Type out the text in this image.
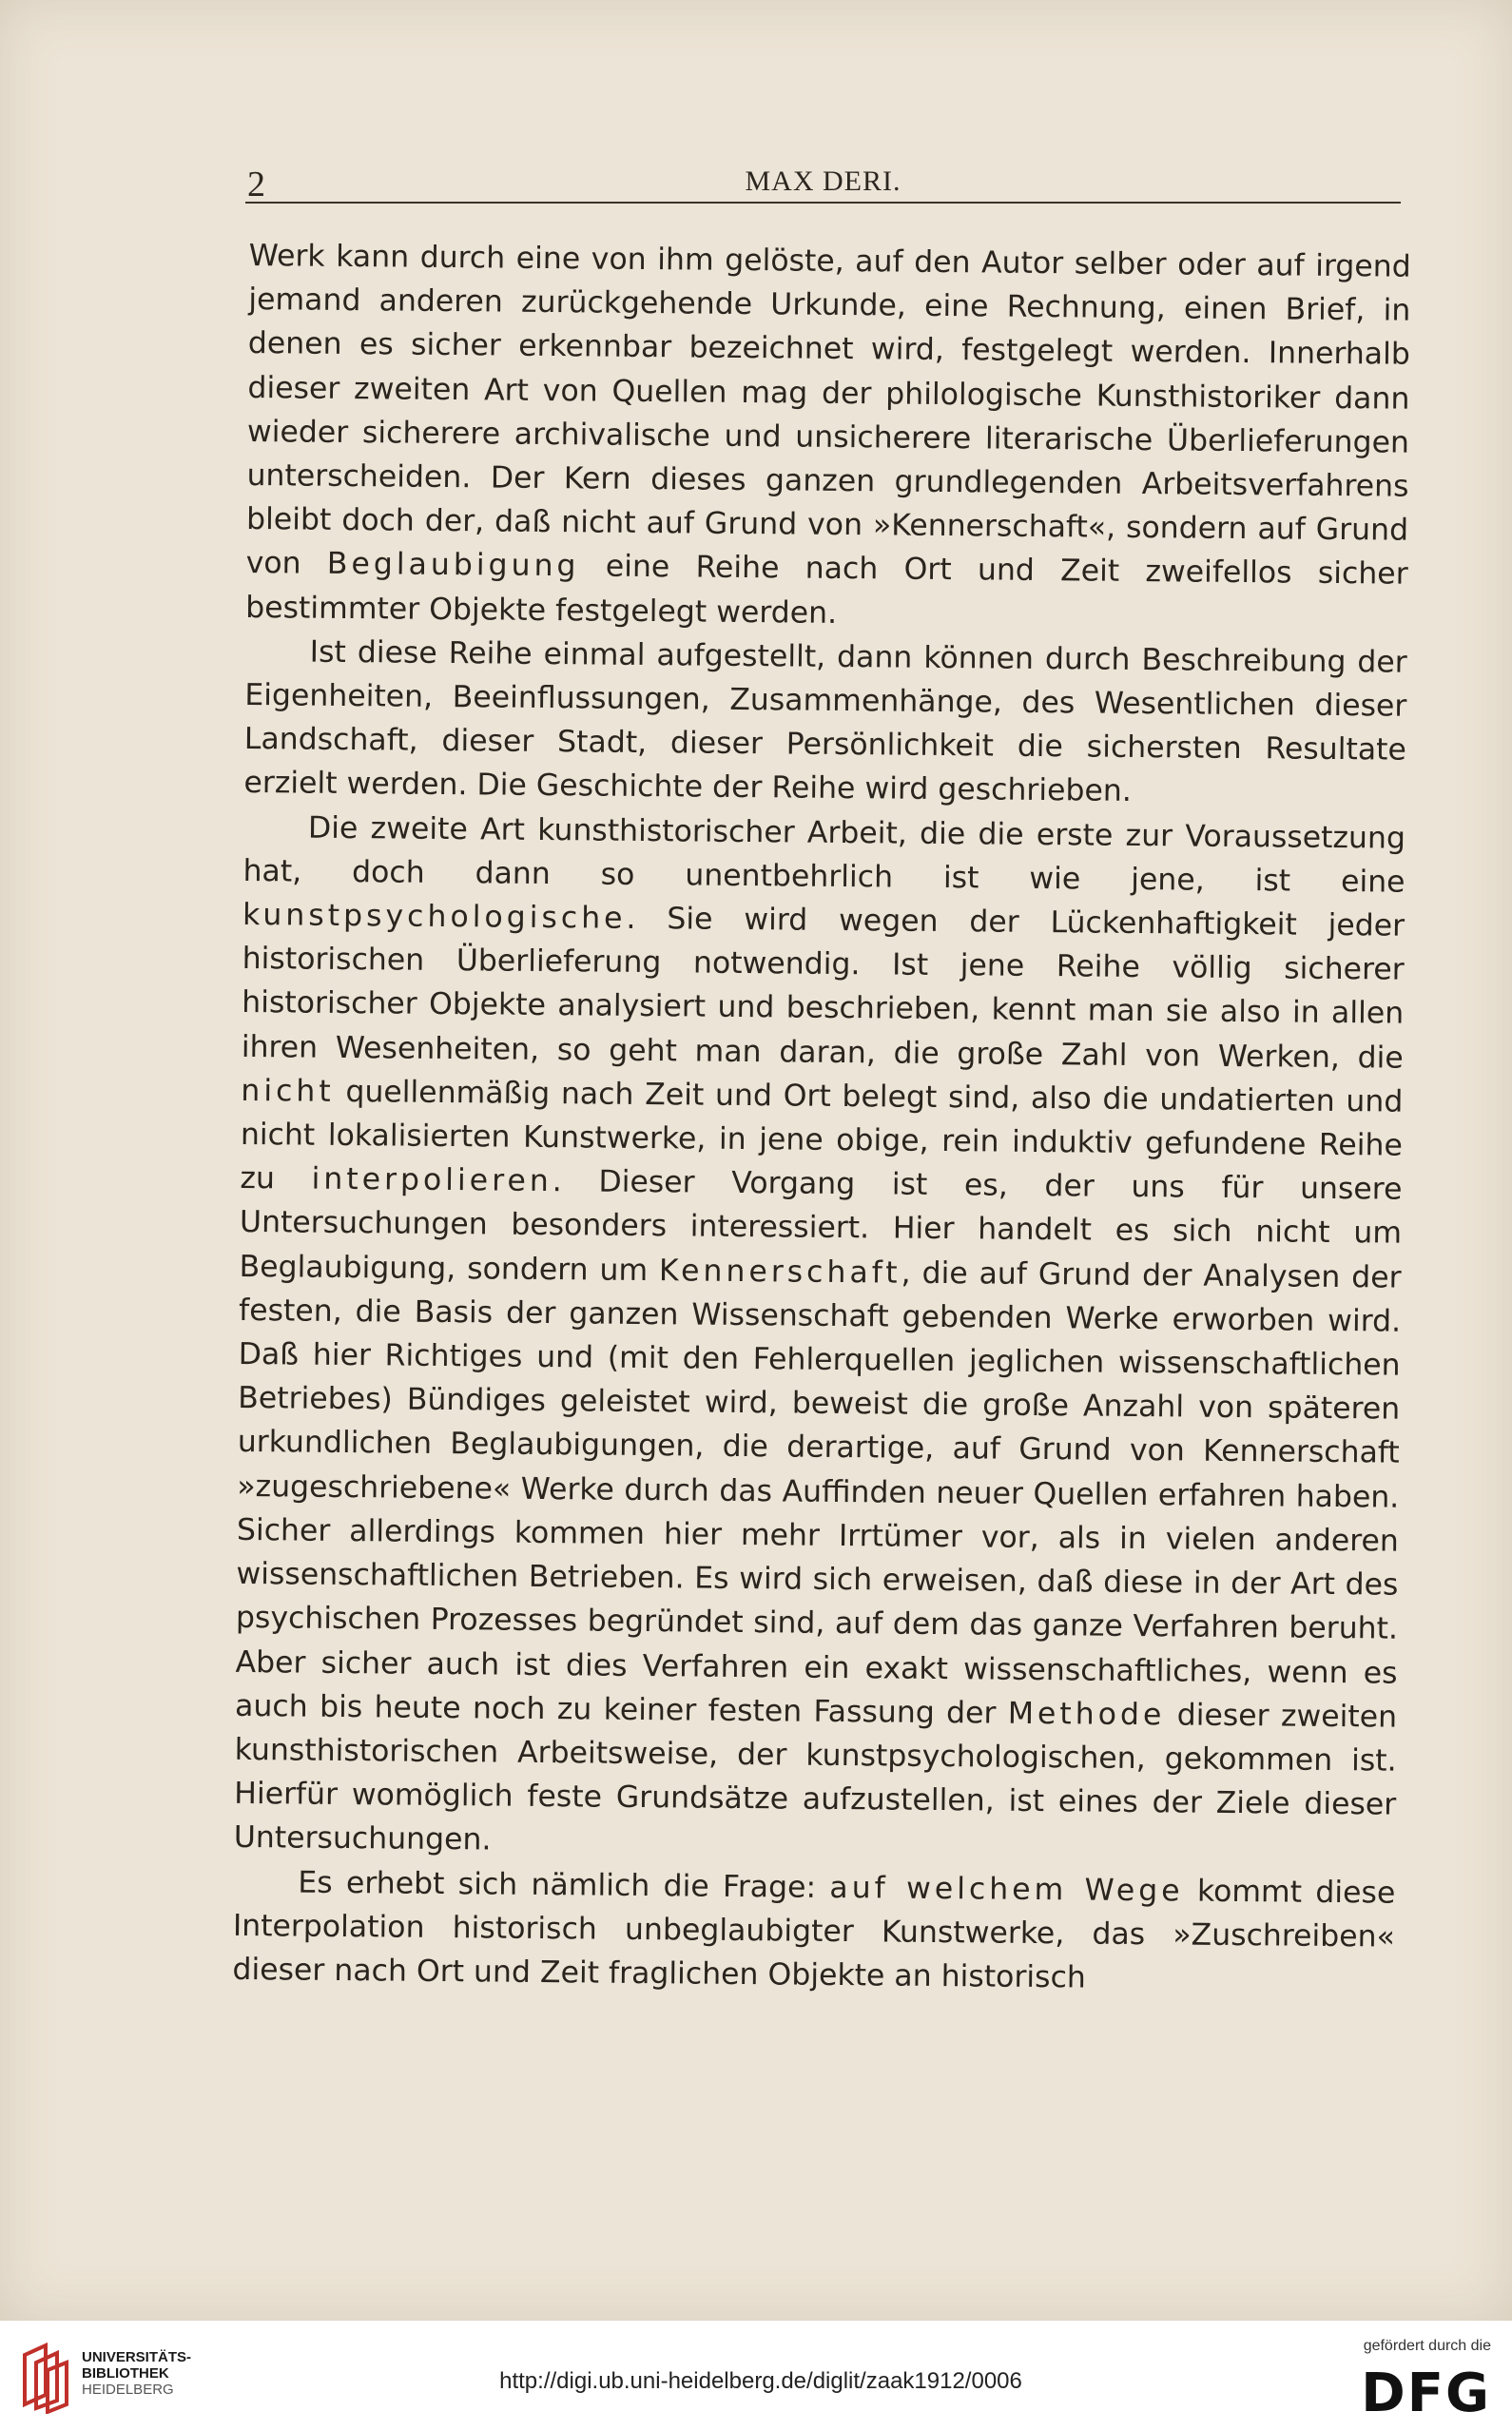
2	MAX DERI.

Werk kann durch eine von ihm gelöste, auf den Autor selber oder auf irgend jemand anderen zurückgehende Urkunde, eine Rechnung, einen Brief, in denen es sicher erkennbar bezeichnet wird, festgelegt werden. Innerhalb dieser zweiten Art von Quellen mag der philologische Kunsthistoriker dann wieder sicherere archivalische und unsicherere literarische Überlieferungen unterscheiden. Der Kern dieses ganzen grundlegenden Arbeitsverfahrens bleibt doch der, daß nicht auf Grund von »Kennerschaft«, sondern auf Grund von Beglaubigung eine Reihe nach Ort und Zeit zweifellos sicher bestimmter Objekte festgelegt werden.

Ist diese Reihe einmal aufgestellt, dann können durch Beschreibung der Eigenheiten, Beeinflussungen, Zusammenhänge, des Wesentlichen dieser Landschaft, dieser Stadt, dieser Persönlichkeit die sichersten Resultate erzielt werden. Die Geschichte der Reihe wird geschrieben.

Die zweite Art kunsthistorischer Arbeit, die die erste zur Voraussetzung hat, doch dann so unentbehrlich ist wie jene, ist eine kunstpsychologische. Sie wird wegen der Lückenhaftigkeit jeder historischen Überlieferung notwendig. Ist jene Reihe völlig sicherer historischer Objekte analysiert und beschrieben, kennt man sie also in allen ihren Wesenheiten, so geht man daran, die große Zahl von Werken, die nicht quellenmäßig nach Zeit und Ort belegt sind, also die undatierten und nicht lokalisierten Kunstwerke, in jene obige, rein induktiv gefundene Reihe zu interpolieren. Dieser Vorgang ist es, der uns für unsere Untersuchungen besonders interessiert. Hier handelt es sich nicht um Beglaubigung, sondern um Kennerschaft, die auf Grund der Analysen der festen, die Basis der ganzen Wissenschaft gebenden Werke erworben wird. Daß hier Richtiges und (mit den Fehlerquellen jeglichen wissenschaftlichen Betriebes) Bündiges geleistet wird, beweist die große Anzahl von späteren urkundlichen Beglaubigungen, die derartige, auf Grund von Kennerschaft »zugeschriebene« Werke durch das Auffinden neuer Quellen erfahren haben. Sicher allerdings kommen hier mehr Irrtümer vor, als in vielen anderen wissenschaftlichen Betrieben. Es wird sich erweisen, daß diese in der Art des psychischen Prozesses begründet sind, auf dem das ganze Verfahren beruht. Aber sicher auch ist dies Verfahren ein exakt wissenschaftliches, wenn es auch bis heute noch zu keiner festen Fassung der Methode dieser zweiten kunsthistorischen Arbeitsweise, der kunstpsychologischen, gekommen ist. Hierfür womöglich feste Grundsätze aufzustellen, ist eines der Ziele dieser Untersuchungen.

Es erhebt sich nämlich die Frage: auf welchem Wege kommt diese Interpolation historisch unbeglaubigter Kunstwerke, das »Zuschreiben« dieser nach Ort und Zeit fraglichen Objekte an historisch

UNIVERSITÄTS-
BIBLIOTHEK
HEIDELBERG	http://digi.ub.uni-heidelberg.de/diglit/zaak1912/0006
gefördert durch die
DFG
